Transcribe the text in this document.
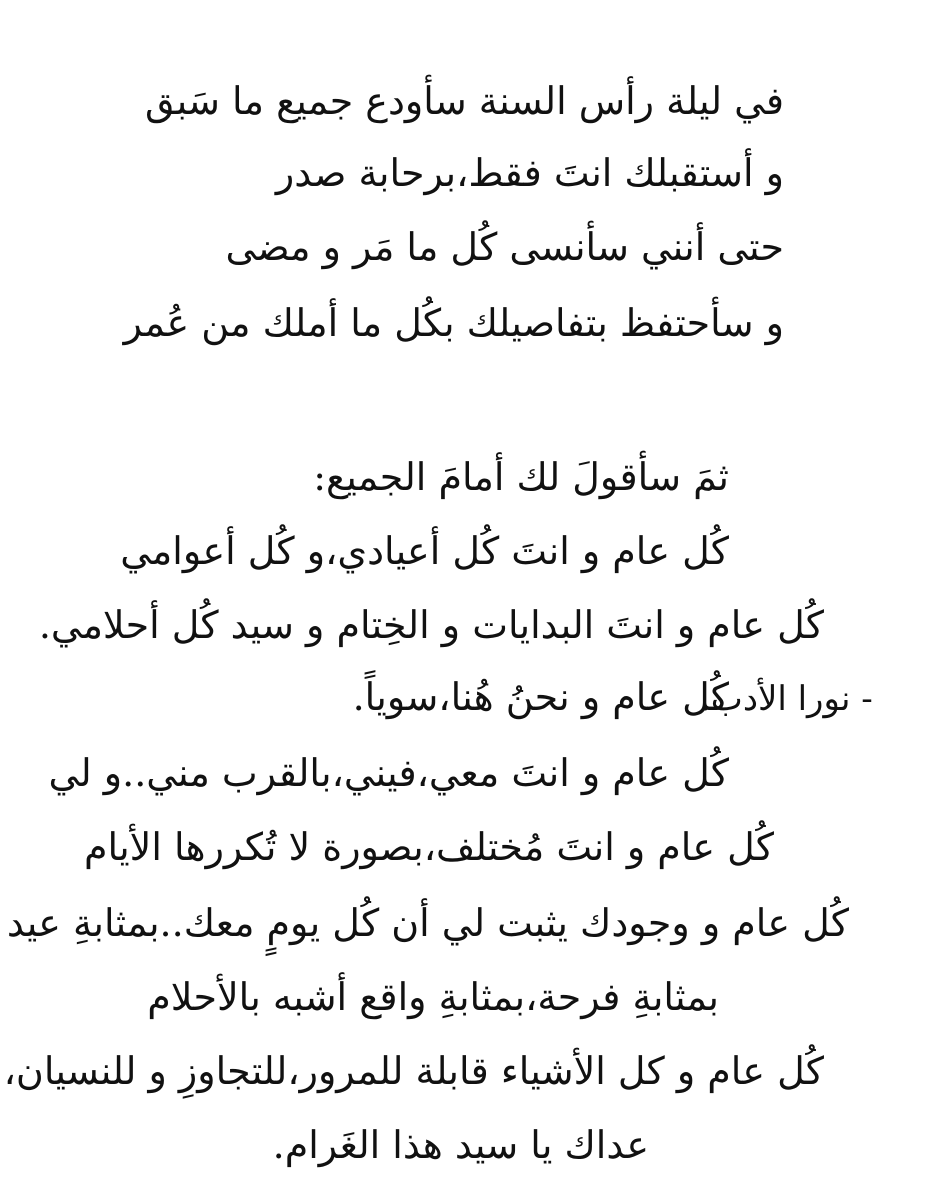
في ليلة رأس السنة سأودع جميع ما سَبق
و أستقبلك انتَ فقط،برحابة صدر
حتى أنني سأنسى كُل ما مَر و مضى
و سأحتفظ بتفاصيلك بكُل ما أملك من عُمر
ثمَ سأقولَ لك أمامَ الجميع:
كُل عام و انتَ كُل أعيادي،و كُل أعوامي
كُل عام و انتَ البدايات و الخِتام و سيد كُل أحلامي.
كُل عام و نحنُ هُنا،سوياً.
- نورا الأدب.
كُل عام و انتَ معي،فيني،بالقرب مني..و لي
كُل عام و انتَ مُختلف،بصورة لا تُكررها الأيام
كُل عام و وجودك يثبت لي أن كُل يومٍ معك..بمثابةِ عيد
بمثابةِ فرحة،بمثابةِ واقع أشبه بالأحلام
كُل عام و كل الأشياء قابلة للمرور،للتجاوزِ و للنسيان،
عداك يا سيد هذا الغَرام.
